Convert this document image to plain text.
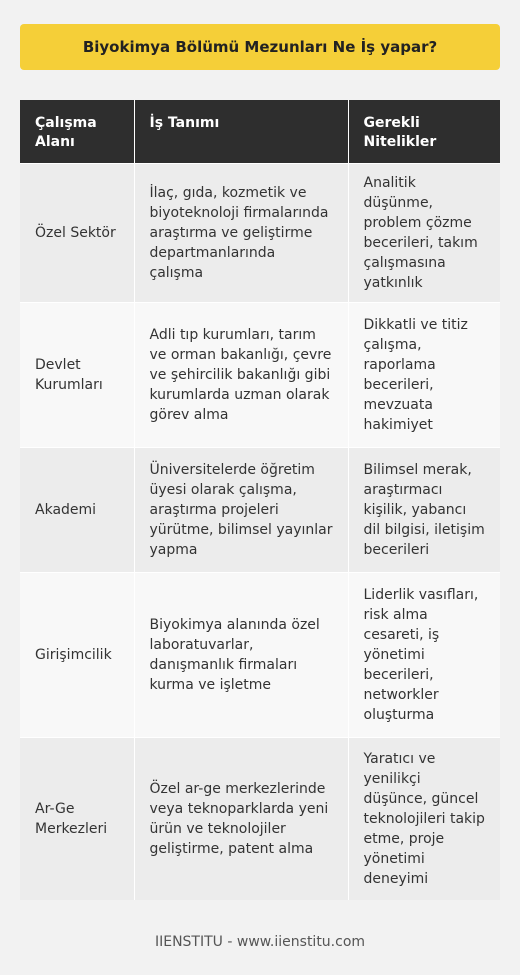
Biyokimya Bölümü Mezunları Ne İş yapar?
Çalışma Alanı	İş Tanımı	Gerekli Nitelikler
Özel Sektör	İlaç, gıda, kozmetik ve biyoteknoloji firmalarında araştırma ve geliştirme departmanlarında çalışma	Analitik düşünme, problem çözme becerileri, takım çalışmasına yatkınlık
Devlet Kurumları	Adli tıp kurumları, tarım ve orman bakanlığı, çevre ve şehircilik bakanlığı gibi kurumlarda uzman olarak görev alma	Dikkatli ve titiz çalışma, raporlama becerileri, mevzuata hakimiyet
Akademi	Üniversitelerde öğretim üyesi olarak çalışma, araştırma projeleri yürütme, bilimsel yayınlar yapma	Bilimsel merak, araştırmacı kişilik, yabancı dil bilgisi, iletişim becerileri
Girişimcilik	Biyokimya alanında özel laboratuvarlar, danışmanlık firmaları kurma ve işletme	Liderlik vasıfları, risk alma cesareti, iş yönetimi becerileri, networkler oluşturma
Ar-Ge Merkezleri	Özel ar-ge merkezlerinde veya teknoparklarda yeni ürün ve teknolojiler geliştirme, patent alma	Yaratıcı ve yenilikçi düşünce, güncel teknolojileri takip etme, proje yönetimi deneyimi
IIENSTITU - www.iienstitu.com
